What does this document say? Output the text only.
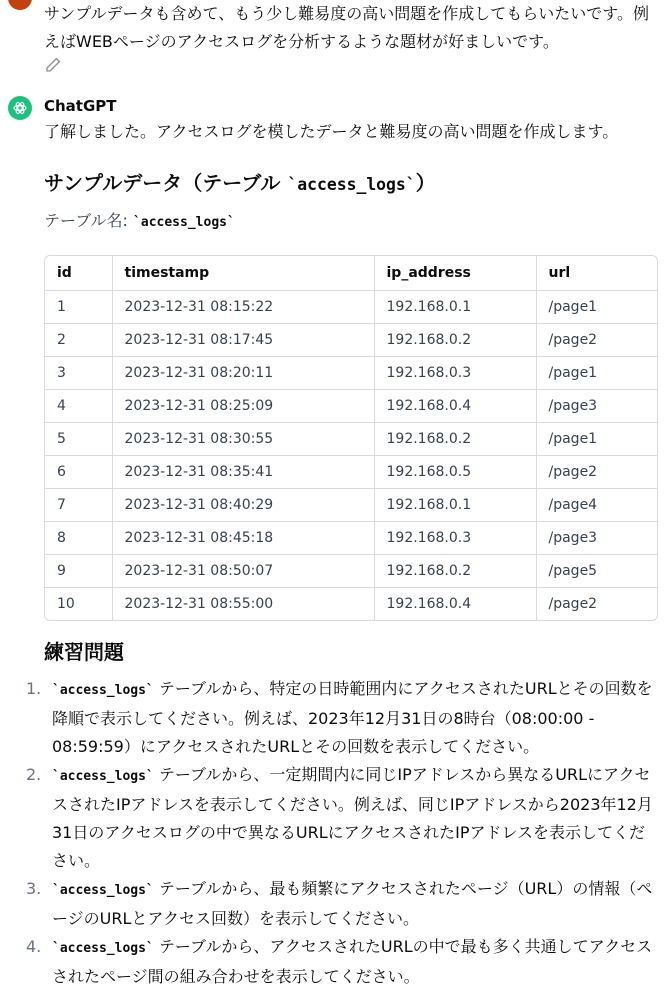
サンプルデータも含めて、もう少し難易度の高い問題を作成してもらいたいです。例えばWEBページのアクセスログを分析するような題材が好ましいです。

ChatGPT

了解しました。アクセスログを模したデータと難易度の高い問題を作成します。

サンプルデータ（テーブル `access_logs`）
テーブル名: `access_logs`
id	timestamp	ip_address	url
1	2023-12-31 08:15:22	192.168.0.1	/page1
2	2023-12-31 08:17:45	192.168.0.2	/page2
3	2023-12-31 08:20:11	192.168.0.3	/page1
4	2023-12-31 08:25:09	192.168.0.4	/page3
5	2023-12-31 08:30:55	192.168.0.2	/page1
6	2023-12-31 08:35:41	192.168.0.5	/page2
7	2023-12-31 08:40:29	192.168.0.1	/page4
8	2023-12-31 08:45:18	192.168.0.3	/page3
9	2023-12-31 08:50:07	192.168.0.2	/page5
10	2023-12-31 08:55:00	192.168.0.4	/page2
練習問題
1. `access_logs` テーブルから、特定の日時範囲内にアクセスされたURLとその回数を降順で表示してください。例えば、2023年12月31日の8時台（08:00:00 - 08:59:59）にアクセスされたURLとその回数を表示してください。
2. `access_logs` テーブルから、一定期間内に同じIPアドレスから異なるURLにアクセスされたIPアドレスを表示してください。例えば、同じIPアドレスから2023年12月31日のアクセスログの中で異なるURLにアクセスされたIPアドレスを表示してください。
3. `access_logs` テーブルから、最も頻繁にアクセスされたページ（URL）の情報（ページのURLとアクセス回数）を表示してください。
4. `access_logs` テーブルから、アクセスされたURLの中で最も多く共通してアクセスされたページ間の組み合わせを表示してください。
